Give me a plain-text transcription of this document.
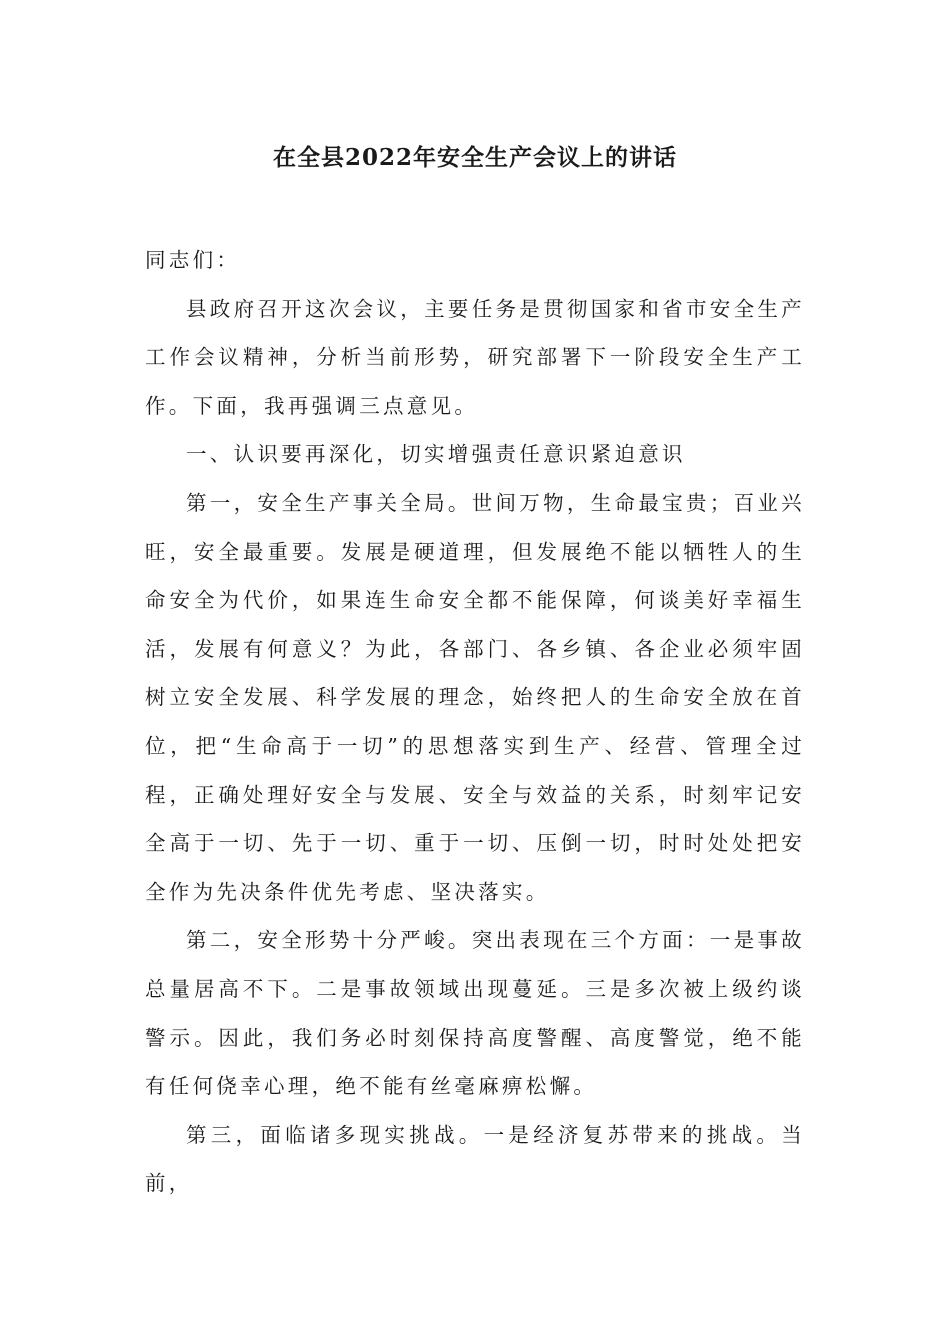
在全县2022年安全生产会议上的讲话

同志们：

县政府召开这次会议，主要任务是贯彻国家和省市安全生产工作会议精神，分析当前形势，研究部署下一阶段安全生产工作。下面，我再强调三点意见。

一、认识要再深化，切实增强责任意识紧迫意识

第一，安全生产事关全局。世间万物，生命最宝贵；百业兴旺，安全最重要。发展是硬道理，但发展绝不能以牺牲人的生命安全为代价，如果连生命安全都不能保障，何谈美好幸福生活，发展有何意义？为此，各部门、各乡镇、各企业必须牢固树立安全发展、科学发展的理念，始终把人的生命安全放在首位，把“生命高于一切”的思想落实到生产、经营、管理全过程，正确处理好安全与发展、安全与效益的关系，时刻牢记安全高于一切、先于一切、重于一切、压倒一切，时时处处把安全作为先决条件优先考虑、坚决落实。

第二，安全形势十分严峻。突出表现在三个方面：一是事故总量居高不下。二是事故领域出现蔓延。三是多次被上级约谈警示。因此，我们务必时刻保持高度警醒、高度警觉，绝不能有任何侥幸心理，绝不能有丝毫麻痹松懈。

第三，面临诸多现实挑战。一是经济复苏带来的挑战。当前，
